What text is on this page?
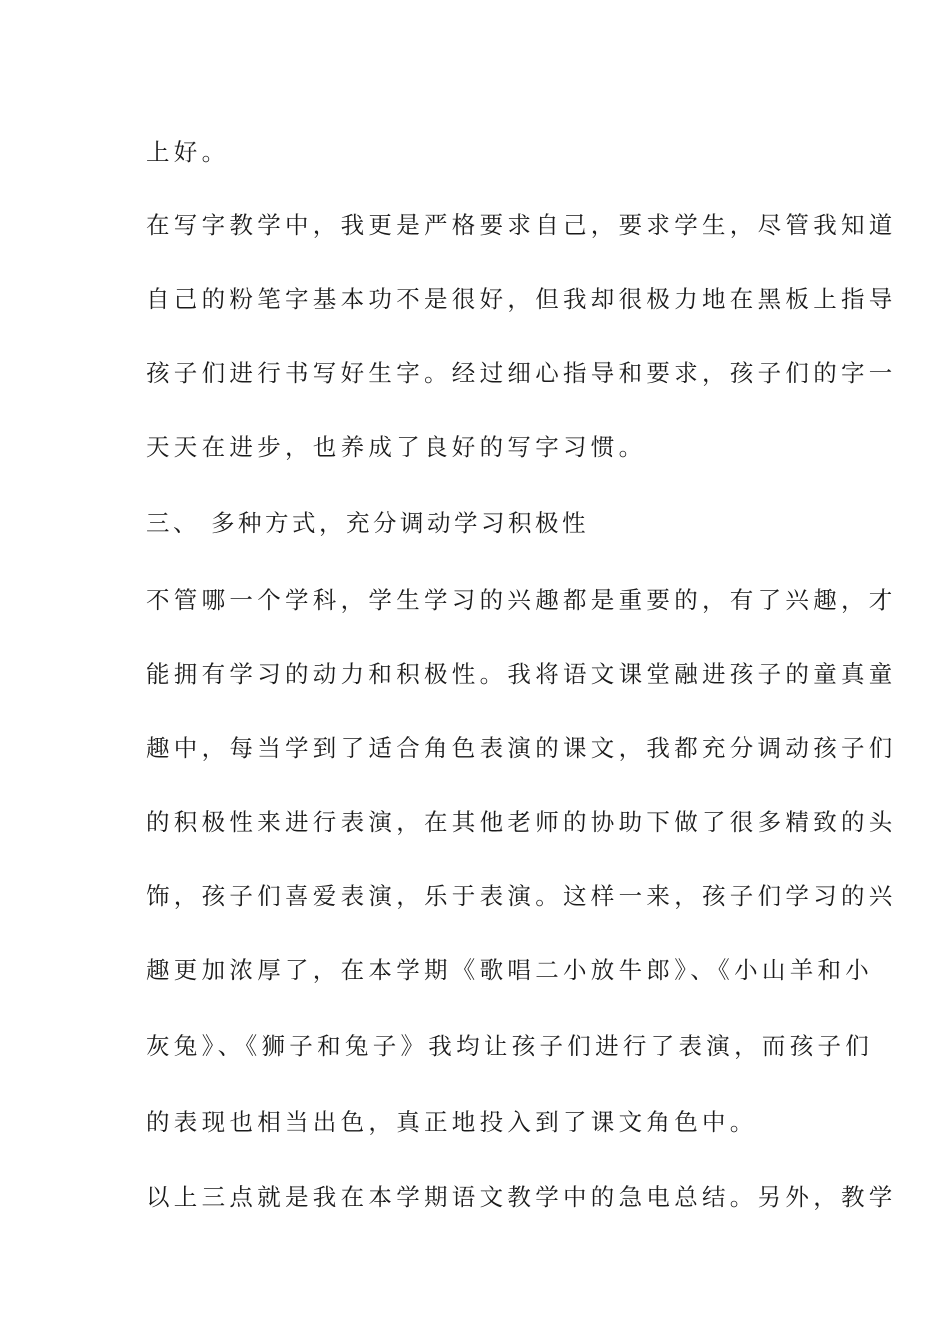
上好。
在写字教学中，我更是严格要求自己，要求学生，尽管我知道
自己的粉笔字基本功不是很好，但我却很极力地在黑板上指导
孩子们进行书写好生字。经过细心指导和要求，孩子们的字一
天天在进步，也养成了良好的写字习惯。
三、 多种方式，充分调动学习积极性
不管哪一个学科，学生学习的兴趣都是重要的，有了兴趣，才
能拥有学习的动力和积极性。我将语文课堂融进孩子的童真童
趣中，每当学到了适合角色表演的课文，我都充分调动孩子们
的积极性来进行表演，在其他老师的协助下做了很多精致的头
饰，孩子们喜爱表演，乐于表演。这样一来，孩子们学习的兴
趣更加浓厚了，在本学期《歌唱二小放牛郎》、《小山羊和小
灰兔》、《狮子和兔子》我均让孩子们进行了表演，而孩子们
的表现也相当出色，真正地投入到了课文角色中。
以上三点就是我在本学期语文教学中的急电总结。另外，教学
